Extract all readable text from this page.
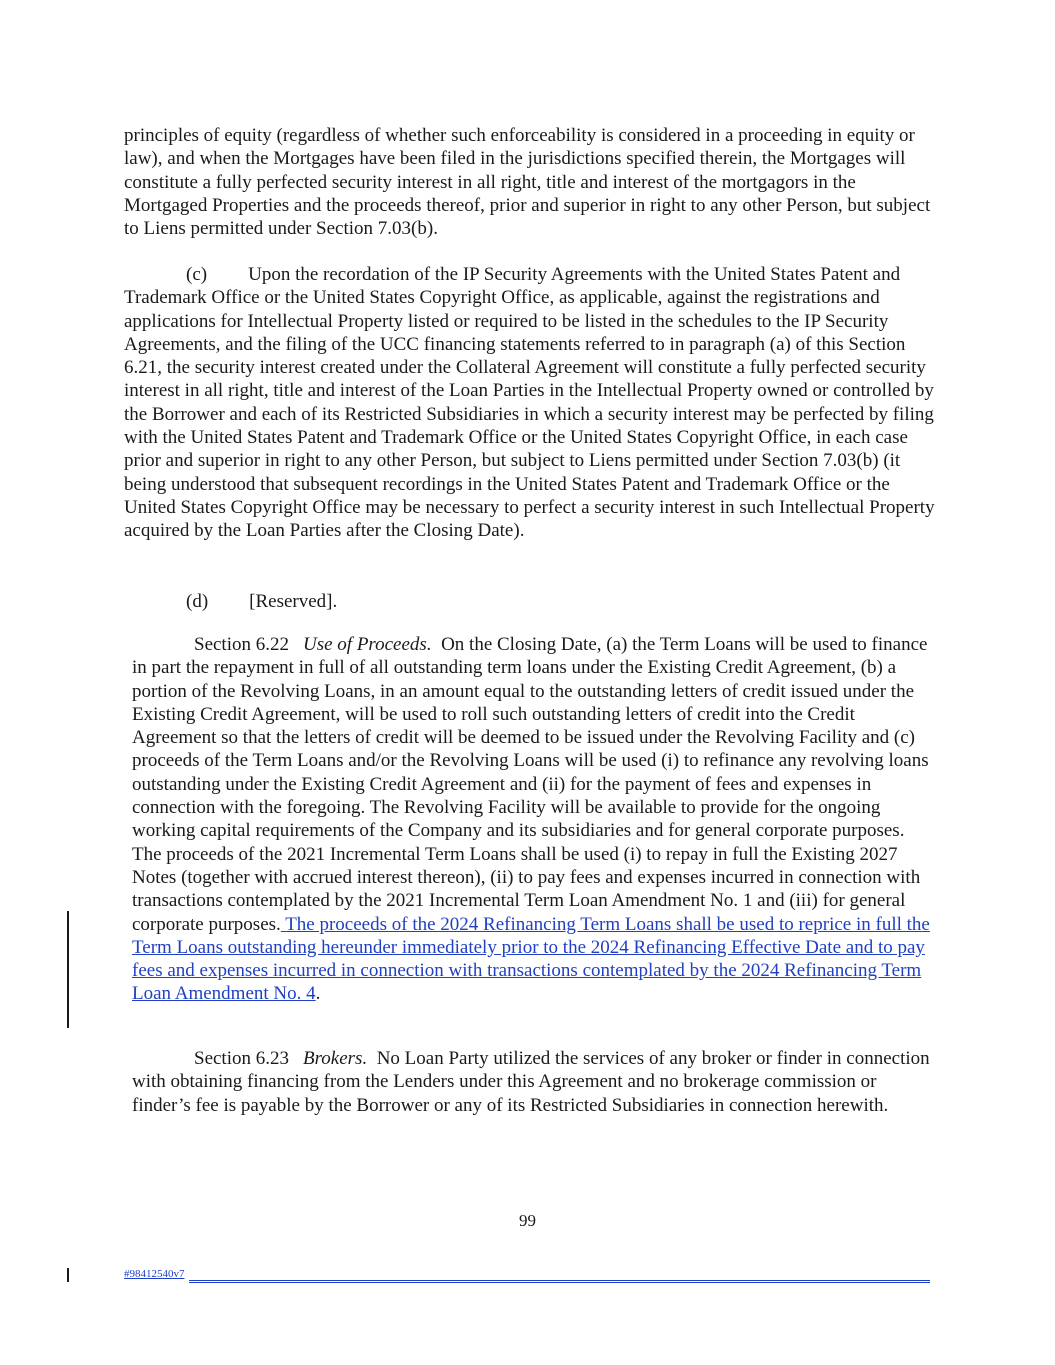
principles of equity (regardless of whether such enforceability is considered in a proceeding in equity or law), and when the Mortgages have been filed in the jurisdictions specified therein, the Mortgages will constitute a fully perfected security interest in all right, title and interest of the mortgagors in the Mortgaged Properties and the proceeds thereof, prior and superior in right to any other Person, but subject to Liens permitted under Section 7.03(b).

(c) Upon the recordation of the IP Security Agreements with the United States Patent and Trademark Office or the United States Copyright Office, as applicable, against the registrations and applications for Intellectual Property listed or required to be listed in the schedules to the IP Security Agreements, and the filing of the UCC financing statements referred to in paragraph (a) of this Section 6.21, the security interest created under the Collateral Agreement will constitute a fully perfected security interest in all right, title and interest of the Loan Parties in the Intellectual Property owned or controlled by the Borrower and each of its Restricted Subsidiaries in which a security interest may be perfected by filing with the United States Patent and Trademark Office or the United States Copyright Office, in each case prior and superior in right to any other Person, but subject to Liens permitted under Section 7.03(b) (it being understood that subsequent recordings in the United States Patent and Trademark Office or the United States Copyright Office may be necessary to perfect a security interest in such Intellectual Property acquired by the Loan Parties after the Closing Date).

(d) [Reserved].

Section 6.22 Use of Proceeds. On the Closing Date, (a) the Term Loans will be used to finance in part the repayment in full of all outstanding term loans under the Existing Credit Agreement, (b) a portion of the Revolving Loans, in an amount equal to the outstanding letters of credit issued under the Existing Credit Agreement, will be used to roll such outstanding letters of credit into the Credit Agreement so that the letters of credit will be deemed to be issued under the Revolving Facility and (c) proceeds of the Term Loans and/or the Revolving Loans will be used (i) to refinance any revolving loans outstanding under the Existing Credit Agreement and (ii) for the payment of fees and expenses in connection with the foregoing. The Revolving Facility will be available to provide for the ongoing working capital requirements of the Company and its subsidiaries and for general corporate purposes. The proceeds of the 2021 Incremental Term Loans shall be used (i) to repay in full the Existing 2027 Notes (together with accrued interest thereon), (ii) to pay fees and expenses incurred in connection with transactions contemplated by the 2021 Incremental Term Loan Amendment No. 1 and (iii) for general corporate purposes. The proceeds of the 2024 Refinancing Term Loans shall be used to reprice in full the Term Loans outstanding hereunder immediately prior to the 2024 Refinancing Effective Date and to pay fees and expenses incurred in connection with transactions contemplated by the 2024 Refinancing Term Loan Amendment No. 4.

Section 6.23 Brokers. No Loan Party utilized the services of any broker or finder in connection with obtaining financing from the Lenders under this Agreement and no brokerage commission or finder’s fee is payable by the Borrower or any of its Restricted Subsidiaries in connection herewith.

99
#98412540v7
